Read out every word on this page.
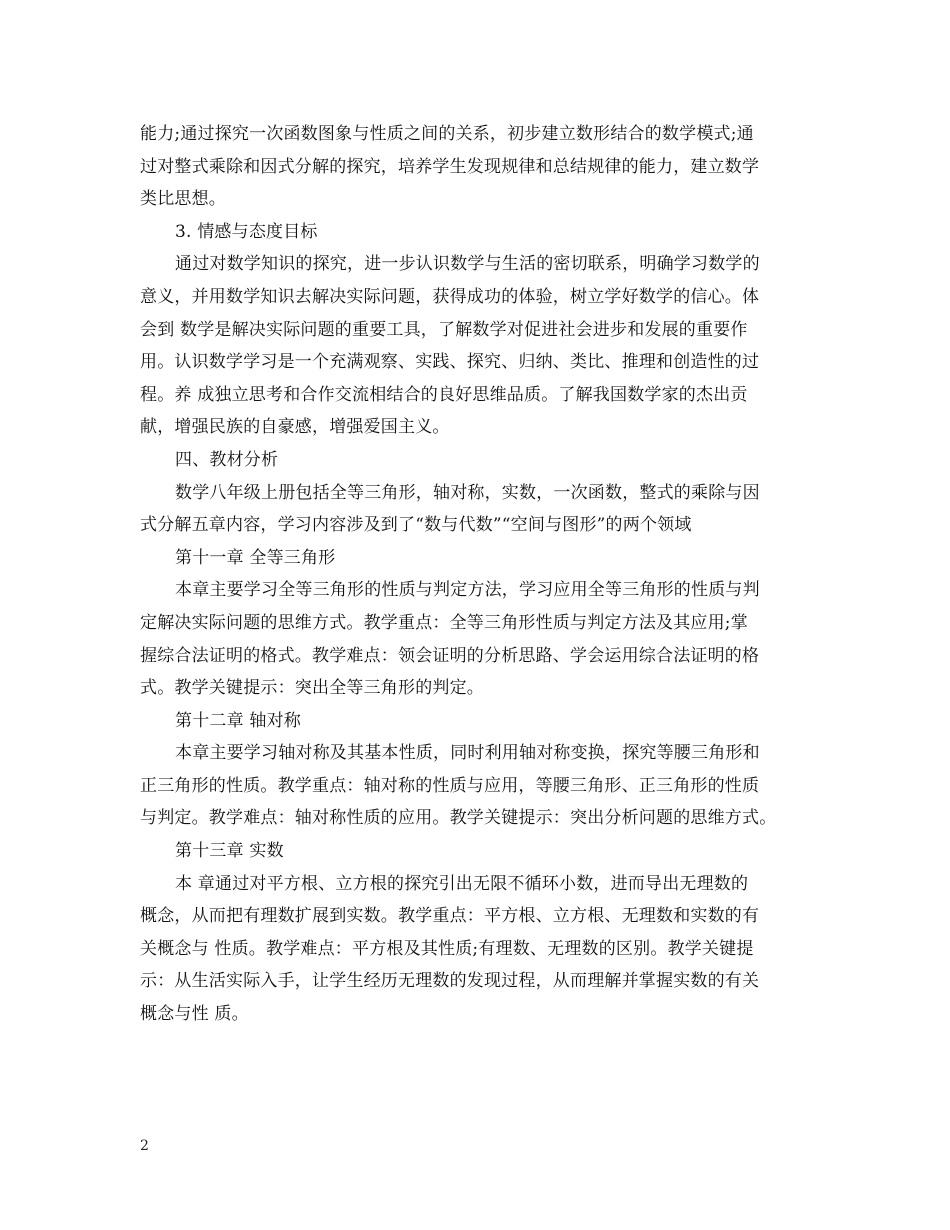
能力;通过探究一次函数图象与性质之间的关系，初步建立数形结合的数学模式;通
过对整式乘除和因式分解的探究，培养学生发现规律和总结规律的能力，建立数学
类比思想。
3. 情感与态度目标
通过对数学知识的探究，进一步认识数学与生活的密切联系，明确学习数学的
意义，并用数学知识去解决实际问题，获得成功的体验，树立学好数学的信心。体
会到 数学是解决实际问题的重要工具，了解数学对促进社会进步和发展的重要作
用。认识数学学习是一个充满观察、实践、探究、归纳、类比、推理和创造性的过
程。养 成独立思考和合作交流相结合的良好思维品质。了解我国数学家的杰出贡
献，增强民族的自豪感，增强爱国主义。
四、教材分析
数学八年级上册包括全等三角形，轴对称，实数，一次函数，整式的乘除与因
式分解五章内容，学习内容涉及到了“数与代数”“空间与图形”的两个领域
第十一章 全等三角形
本章主要学习全等三角形的性质与判定方法，学习应用全等三角形的性质与判
定解决实际问题的思维方式。教学重点：全等三角形性质与判定方法及其应用;掌
握综合法证明的格式。教学难点：领会证明的分析思路、学会运用综合法证明的格
式。教学关键提示：突出全等三角形的判定。
第十二章 轴对称
本章主要学习轴对称及其基本性质，同时利用轴对称变换，探究等腰三角形和
正三角形的性质。教学重点：轴对称的性质与应用，等腰三角形、正三角形的性质
与判定。教学难点：轴对称性质的应用。教学关键提示：突出分析问题的思维方式。
第十三章 实数
本 章通过对平方根、立方根的探究引出无限不循环小数，进而导出无理数的
概念，从而把有理数扩展到实数。教学重点：平方根、立方根、无理数和实数的有
关概念与 性质。教学难点：平方根及其性质;有理数、无理数的区别。教学关键提
示：从生活实际入手，让学生经历无理数的发现过程，从而理解并掌握实数的有关
概念与性 质。
2
